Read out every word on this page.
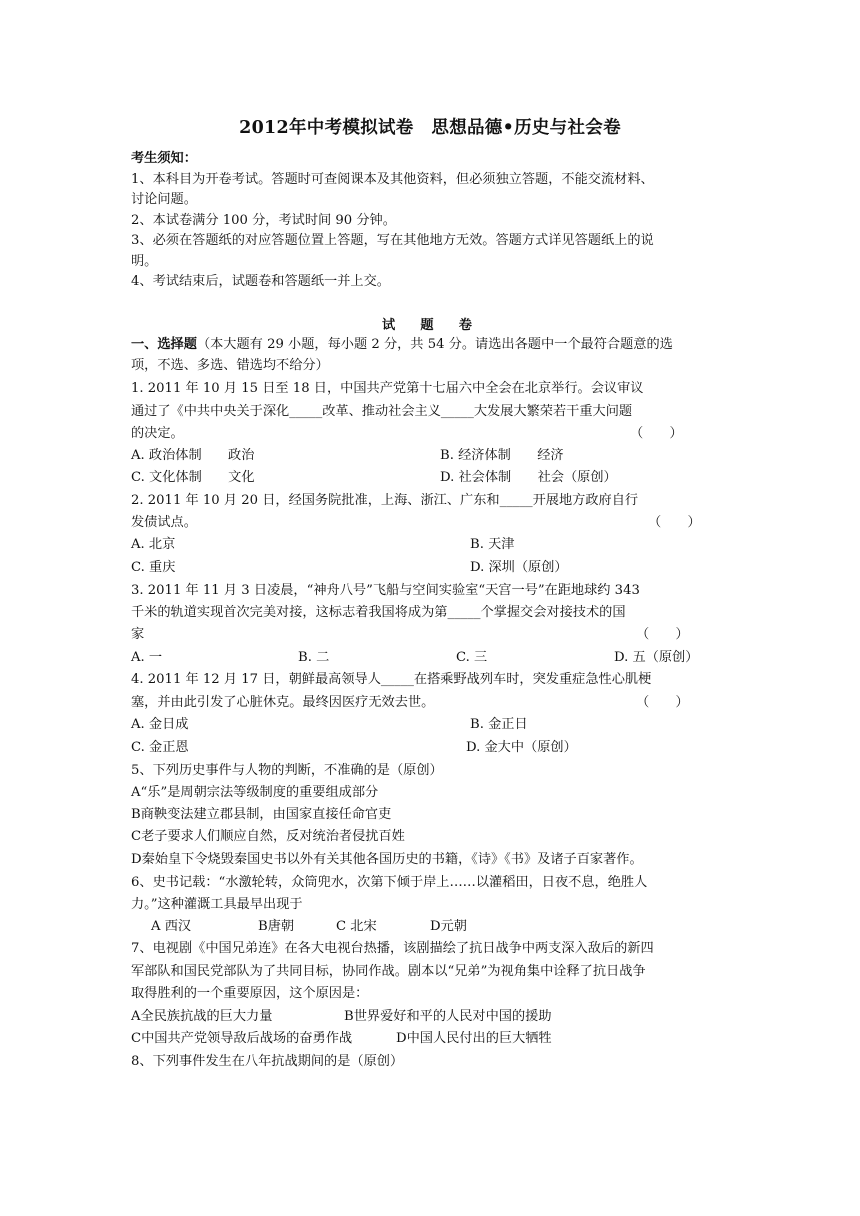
2012年中考模拟试卷　思想品德•历史与社会卷
考生须知：
1、本科目为开卷考试。答题时可查阅课本及其他资料，但必须独立答题，不能交流材料、
讨论问题。
2、本试卷满分 100 分，考试时间 90 分钟。
3、必须在答题纸的对应答题位置上答题，写在其他地方无效。答题方式详见答题纸上的说
明。
4、考试结束后，试题卷和答题纸一并上交。
试　题　卷
一、选择题（本大题有 29 小题，每小题 2 分，共 54 分。请选出各题中一个最符合题意的选
项，不选、多选、错选均不给分）
1. 2011 年 10 月 15 日至 18 日，中国共产党第十七届六中全会在北京举行。会议审议
通过了《中共中央关于深化_____改革、推动社会主义_____大发展大繁荣若干重大问题
的决定。	（　　）
A. 政治体制　　政治	B. 经济体制　　经济
C. 文化体制　　文化	D. 社会体制　　社会（原创）
2. 2011 年 10 月 20 日，经国务院批准，上海、浙江、广东和_____开展地方政府自行
发债试点。	（　　）
A. 北京	B. 天津
C. 重庆	D. 深圳（原创）
3. 2011 年 11 月 3 日凌晨，“神舟八号”飞船与空间实验室“天宫一号”在距地球约 343
千米的轨道实现首次完美对接，这标志着我国将成为第_____个掌握交会对接技术的国
家	（　　）
A. 一	B. 二	C. 三	D. 五（原创）
4. 2011 年 12 月 17 日，朝鲜最高领导人_____在搭乘野战列车时，突发重症急性心肌梗
塞，并由此引发了心脏休克。最终因医疗无效去世。	（　　）
A. 金日成	B. 金正日
C. 金正恩	D. 金大中（原创）
5、下列历史事件与人物的判断，不准确的是（原创）
A“乐”是周朝宗法等级制度的重要组成部分
B商鞅变法建立郡县制，由国家直接任命官吏
C老子要求人们顺应自然，反对统治者侵扰百姓
D秦始皇下令烧毁秦国史书以外有关其他各国历史的书籍，《诗》《书》及诸子百家著作。
6、史书记载：“水激轮转，众筒兜水，次第下倾于岸上……以灌稻田，日夜不息，绝胜人
力。”这种灌溉工具最早出现于
A 西汉	B唐朝	C 北宋	D元朝
7、电视剧《中国兄弟连》在各大电视台热播，该剧描绘了抗日战争中两支深入敌后的新四
军部队和国民党部队为了共同目标，协同作战。剧本以“兄弟”为视角集中诠释了抗日战争
取得胜利的一个重要原因，这个原因是：
A全民族抗战的巨大力量	B世界爱好和平的人民对中国的援助
C中国共产党领导敌后战场的奋勇作战	D中国人民付出的巨大牺牲
8、下列事件发生在八年抗战期间的是（原创）
